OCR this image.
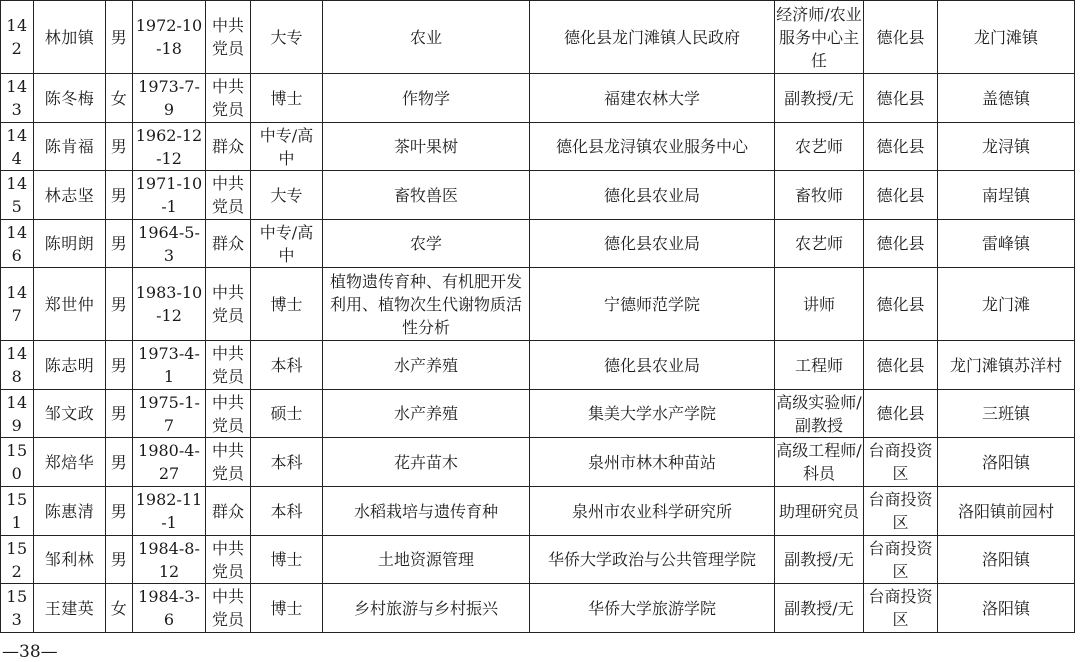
142	林加镇	男	1972-10-18	中共党员	大专	农业	德化县龙门滩镇人民政府	经济师/农业服务中心主任	德化县	龙门滩镇
143	陈冬梅	女	1973-7-9	中共党员	博士	作物学	福建农林大学	副教授/无	德化县	盖德镇
144	陈肯福	男	1962-12-12	群众	中专/高中	茶叶果树	德化县龙浔镇农业服务中心	农艺师	德化县	龙浔镇
145	林志坚	男	1971-10-1	中共党员	大专	畜牧兽医	德化县农业局	畜牧师	德化县	南埕镇
146	陈明朗	男	1964-5-3	群众	中专/高中	农学	德化县农业局	农艺师	德化县	雷峰镇
147	郑世仲	男	1983-10-12	中共党员	博士	植物遗传育种、有机肥开发利用、植物次生代谢物质活性分析	宁德师范学院	讲师	德化县	龙门滩
148	陈志明	男	1973-4-1	中共党员	本科	水产养殖	德化县农业局	工程师	德化县	龙门滩镇苏洋村
149	邹文政	男	1975-1-7	中共党员	硕士	水产养殖	集美大学水产学院	高级实验师/副教授	德化县	三班镇
150	郑焙华	男	1980-4-27	中共党员	本科	花卉苗木	泉州市林木种苗站	高级工程师/科员	台商投资区	洛阳镇
151	陈惠清	男	1982-11-1	群众	本科	水稻栽培与遗传育种	泉州市农业科学研究所	助理研究员	台商投资区	洛阳镇前园村
152	邹利林	男	1984-8-12	中共党员	博士	土地资源管理	华侨大学政治与公共管理学院	副教授/无	台商投资区	洛阳镇
153	王建英	女	1984-3-6	中共党员	博士	乡村旅游与乡村振兴	华侨大学旅游学院	副教授/无	台商投资区	洛阳镇
—38—
